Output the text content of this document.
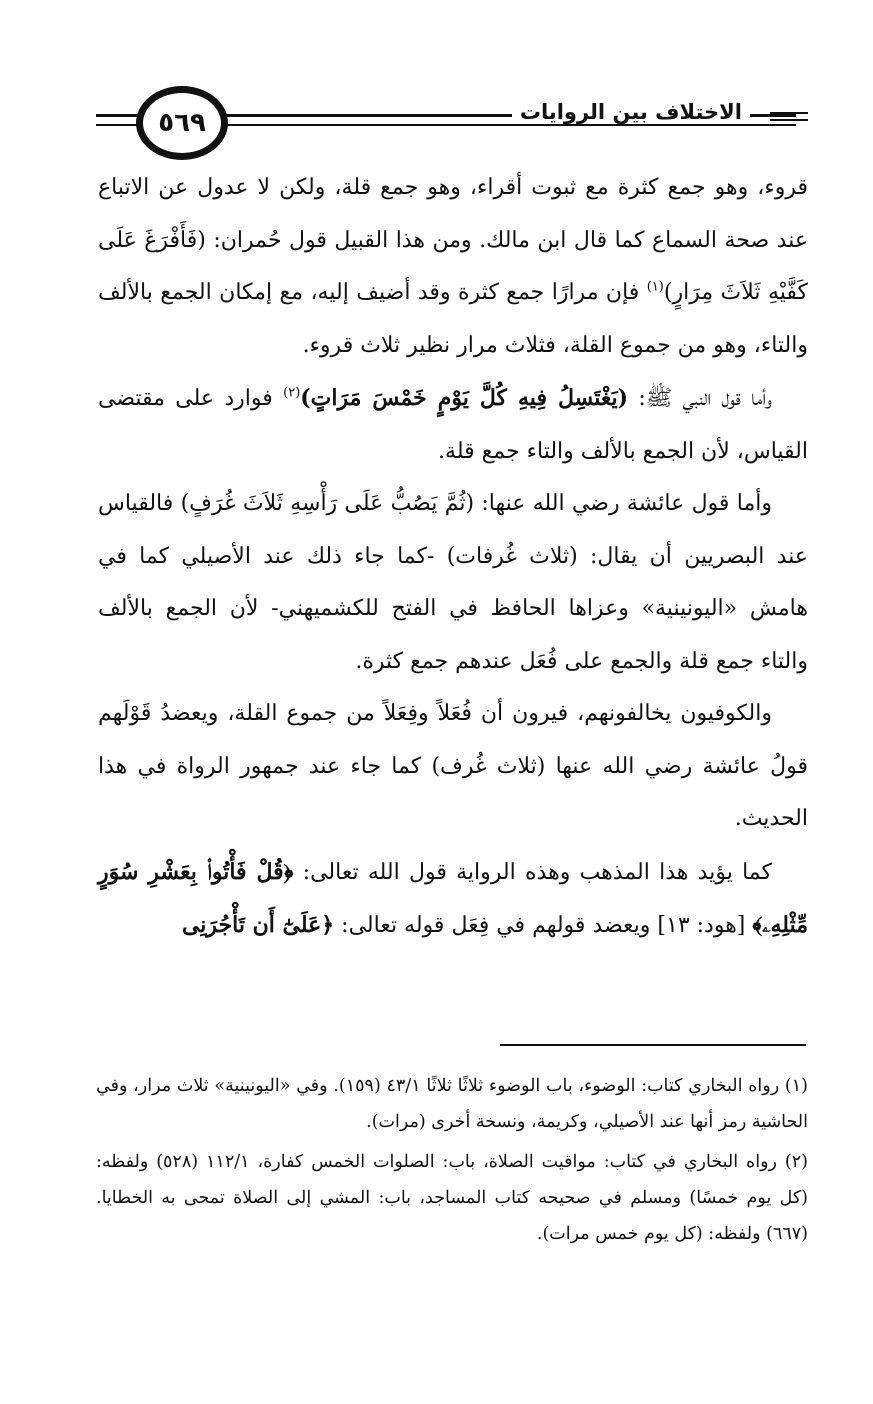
الاختلاف بين الروايات
٥٦٩

قروء، وهو جمع كثرة مع ثبوت أقراء، وهو جمع قلة، ولكن لا عدول عن الاتباع عند صحة السماع كما قال ابن مالك. ومن هذا القبيل قول حُمران: (فَأَفْرَغَ عَلَى كَفَّيْهِ ثَلاَثَ مِرَارٍ)$^{(١)}$ فإن مرارًا جمع كثرة وقد أضيف إليه، مع إمكان الجمع بالألف والتاء، وهو من جموع القلة، فثلاث مرار نظير ثلاث قروء.

وأما قول النبي ﷺ: (يَغْتَسِلُ فِيهِ كُلَّ يَوْمٍ خَمْسَ مَرَاتٍ)$^{(٢)}$ فوارد على مقتضى القياس، لأن الجمع بالألف والتاء جمع قلة.

وأما قول عائشة رضي الله عنها: (ثُمَّ يَصُبُّ عَلَى رَأْسِهِ ثَلاَثَ غُرَفٍ) فالقياس عند البصريين أن يقال: (ثلاث غُرفات) -كما جاء ذلك عند الأصيلي كما في هامش «اليونينية» وعزاها الحافظ في الفتح للكشميهني- لأن الجمع بالألف والتاء جمع قلة والجمع على فُعَل عندهم جمع كثرة.

والكوفيون يخالفونهم، فيرون أن فُعَلاً وفِعَلاً من جموع القلة، ويعضدُ قَوْلَهم قولُ عائشة رضي الله عنها (ثلاث غُرف) كما جاء عند جمهور الرواة في هذا الحديث.

كما يؤيد هذا المذهب وهذه الرواية قول الله تعالى: ﴿قُلْ فَأْتُوا۟ بِعَشْرِ سُوَرٍ مِّثْلِهِۦ﴾ [هود: ١٣] ويعضد قولهم في فِعَل قوله تعالى: ﴿عَلَىٰٓ أَن تَأْجُرَنِى

(١) رواه البخاري كتاب: الوضوء، باب الوضوء ثلاثًا ثلاثًا ٤٣/١ (١٥٩). وفي «اليونينية» ثلاث مرار، وفي الحاشية رمز أنها عند الأصيلي، وكريمة، ونسخة أخرى (مرات).

(٢) رواه البخاري في كتاب: مواقيت الصلاة، باب: الصلوات الخمس كفارة، ١١٢/١ (٥٢٨) ولفظه: (كل يوم خمسًا) ومسلم في صحيحه كتاب المساجد، باب: المشي إلى الصلاة تمحى به الخطايا. (٦٦٧) ولفظه: (كل يوم خمس مرات).
